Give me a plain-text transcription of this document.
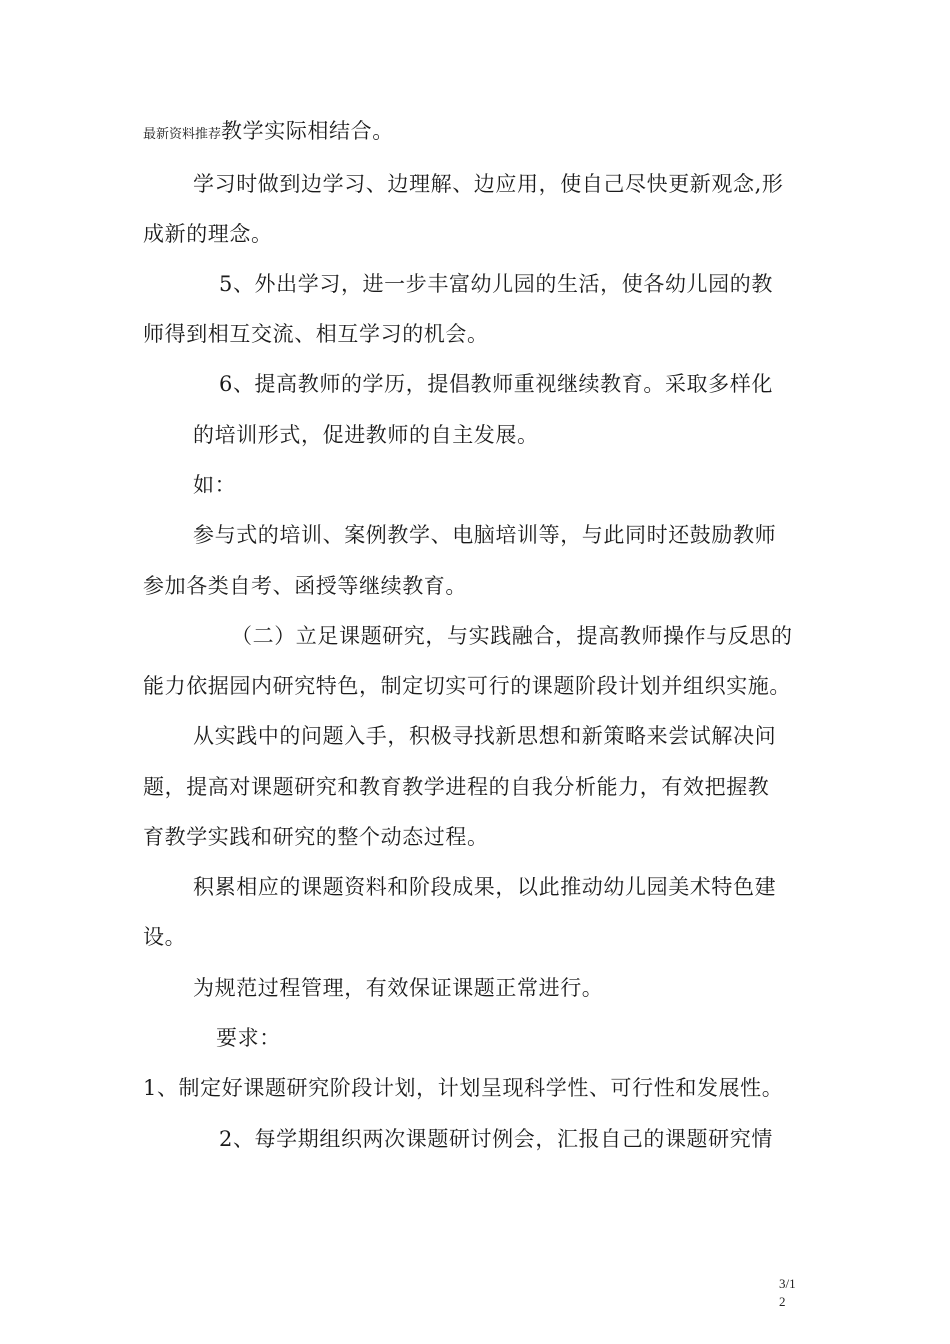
最新资料推荐教学实际相结合。
学习时做到边学习、边理解、边应用，使自己尽快更新观念,形
成新的理念。
5、外出学习，进一步丰富幼儿园的生活，使各幼儿园的教
师得到相互交流、相互学习的机会。
6、提高教师的学历，提倡教师重视继续教育。采取多样化
的培训形式，促进教师的自主发展。
如：
参与式的培训、案例教学、电脑培训等，与此同时还鼓励教师
参加各类自考、函授等继续教育。
（二）立足课题研究，与实践融合，提高教师操作与反思的
能力依据园内研究特色，制定切实可行的课题阶段计划并组织实施。
从实践中的问题入手，积极寻找新思想和新策略来尝试解决问
题，提高对课题研究和教育教学进程的自我分析能力，有效把握教
育教学实践和研究的整个动态过程。
积累相应的课题资料和阶段成果，以此推动幼儿园美术特色建
设。
为规范过程管理，有效保证课题正常进行。
要求：
1、制定好课题研究阶段计划，计划呈现科学性、可行性和发展性。
2、每学期组织两次课题研讨例会，汇报自己的课题研究情
3/1
2
